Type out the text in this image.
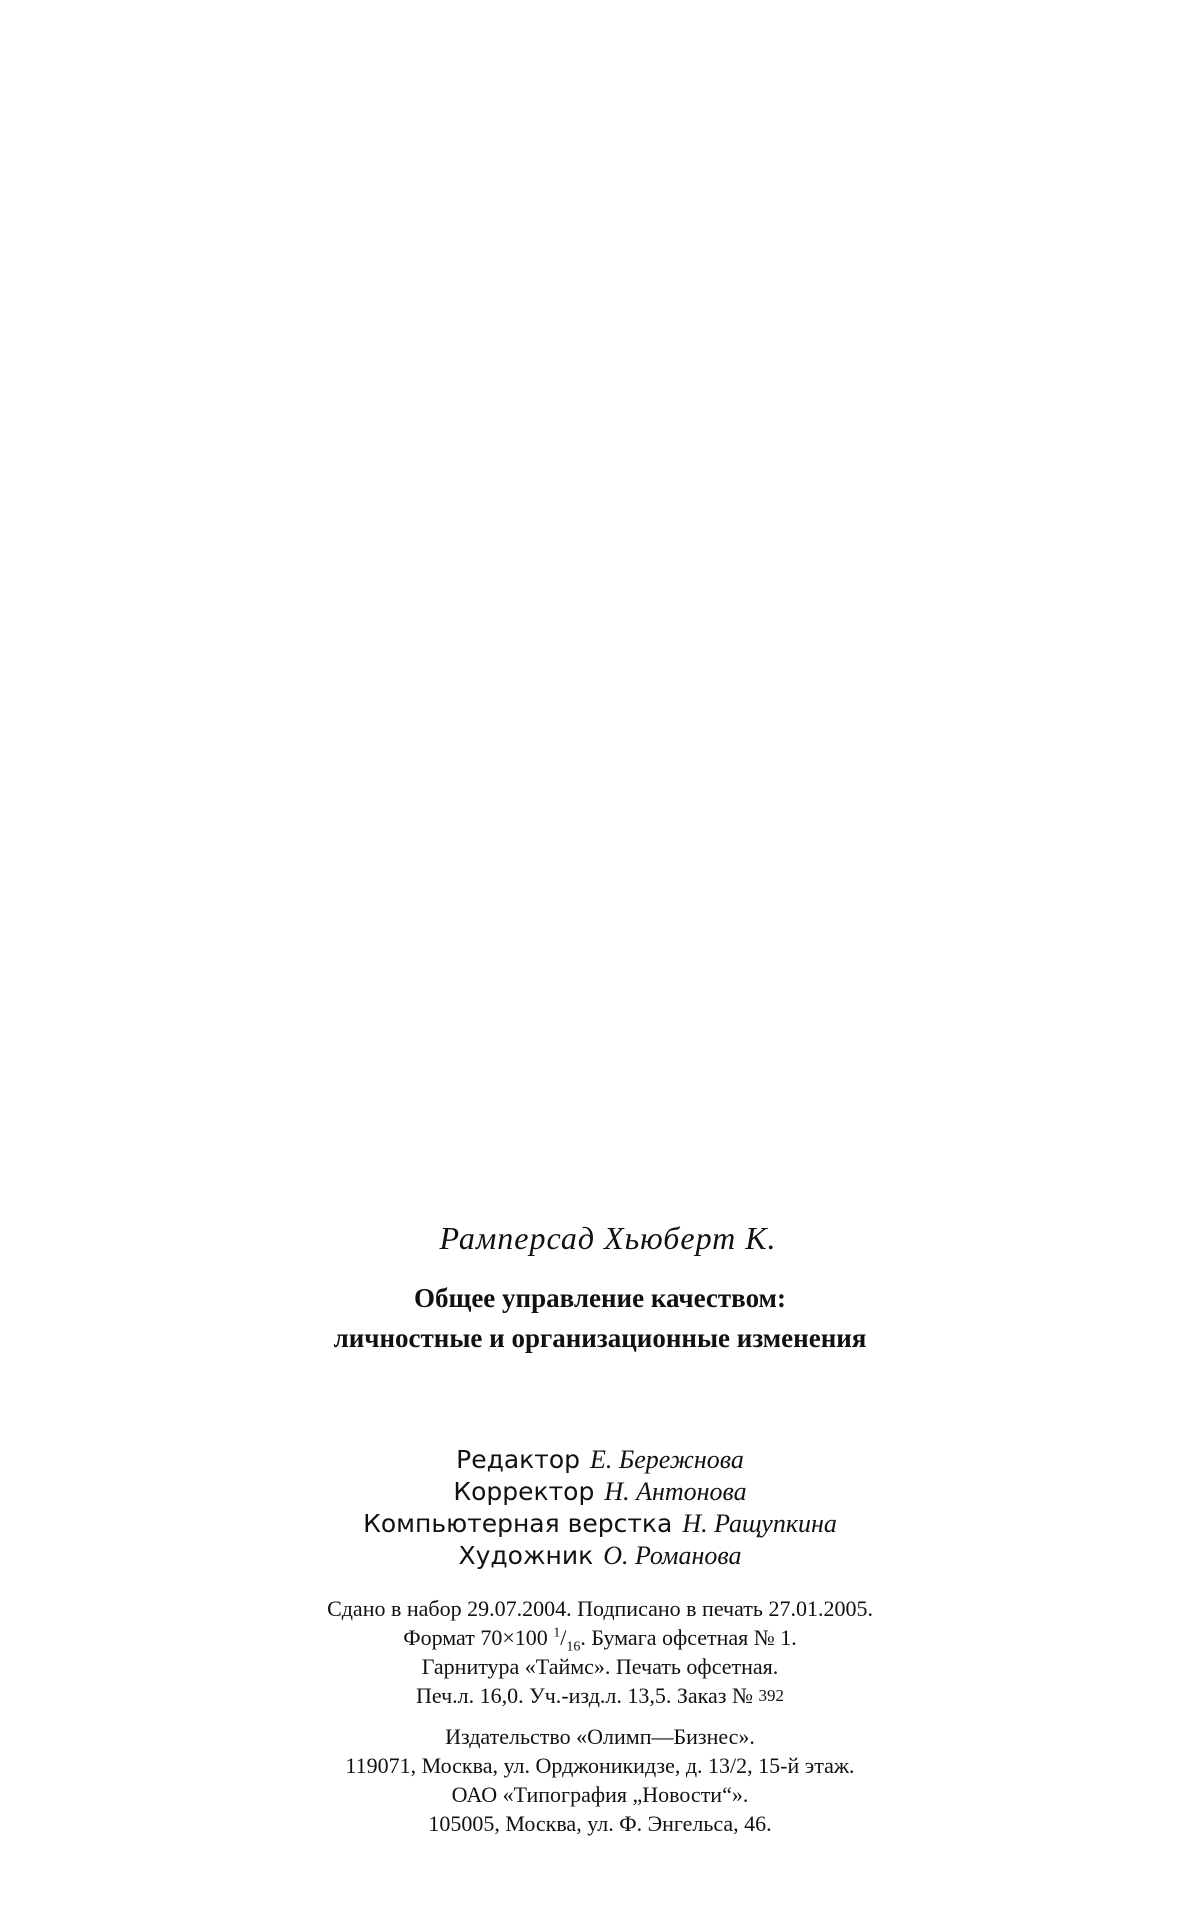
Рамперсад Хьюберт К.
Общее управление качеством:
личностные и организационные изменения
Редактор Е. Бережнова
Корректор Н. Антонова
Компьютерная верстка Н. Ращупкина
Художник О. Романова
Сдано в набор 29.07.2004. Подписано в печать 27.01.2005.
Формат 70×100 $^1/_{16}$. Бумага офсетная № 1.
Гарнитура «Таймс». Печать офсетная.
Печ.л. 16,0. Уч.-изд.л. 13,5. Заказ № 392
Издательство «Олимп—Бизнес».
119071, Москва, ул. Орджоникидзе, д. 13/2, 15-й этаж.
ОАО «Типография „Новости“».
105005, Москва, ул. Ф. Энгельса, 46.
